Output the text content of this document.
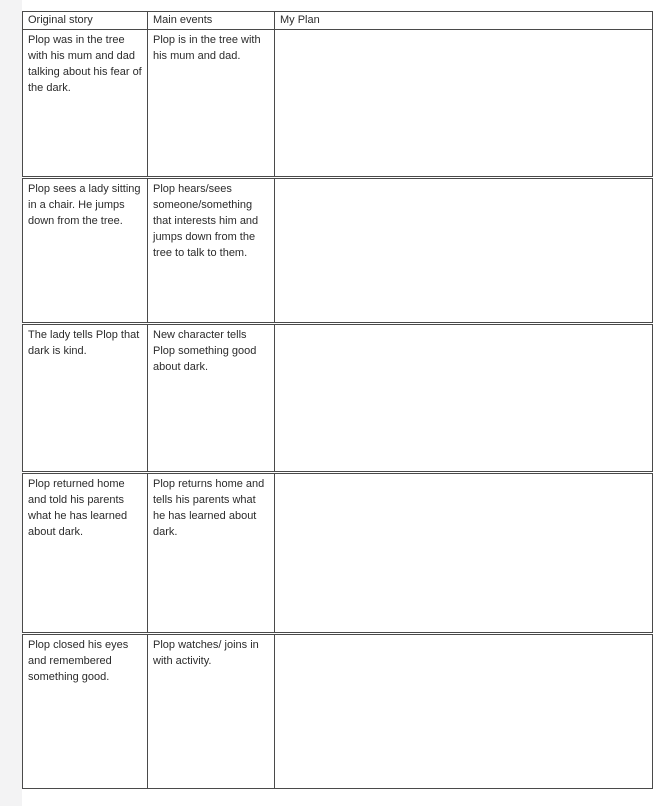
Original story	Main events	My Plan
Plop was in the tree with his mum and dad talking about his fear of the dark.	Plop is in the tree with his mum and dad.	
Plop sees a lady sitting in a chair. He jumps down from the tree.	Plop hears/sees someone/something that interests him and jumps down from the tree to talk to them.	
The lady tells Plop that dark is kind.	New character tells Plop something good about dark.	
Plop returned home and told his parents what he has learned about dark.	Plop returns home and tells his parents what he has learned about dark.	
Plop closed his eyes and remembered something good.	Plop watches/ joins in with activity.	
